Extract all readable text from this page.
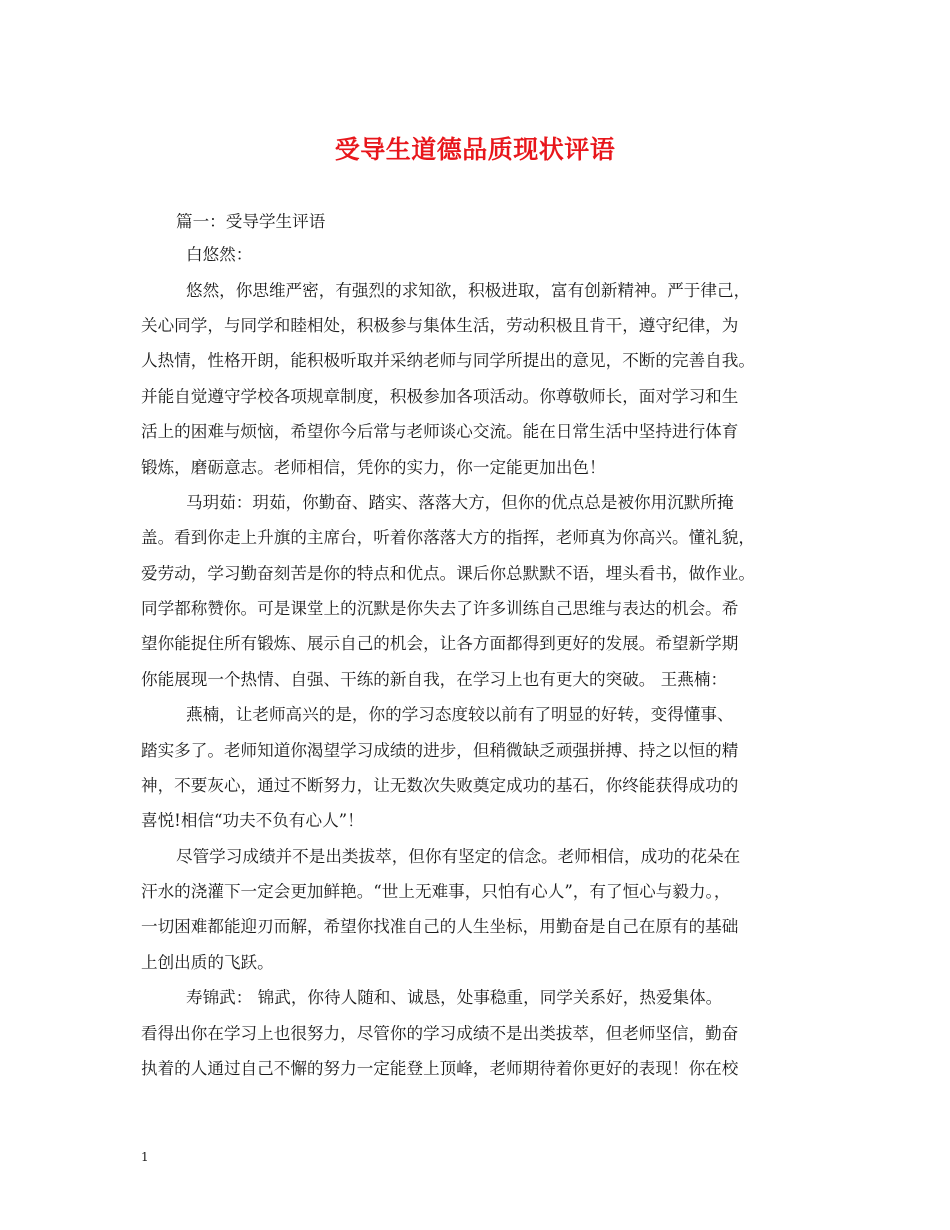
受导生道德品质现状评语

篇一：受导学生评语

白悠然：

悠然，你思维严密，有强烈的求知欲，积极进取，富有创新精神。严于律己，

关心同学，与同学和睦相处，积极参与集体生活，劳动积极且肯干，遵守纪律，为

人热情，性格开朗，能积极听取并采纳老师与同学所提出的意见，不断的完善自我。

并能自觉遵守学校各项规章制度，积极参加各项活动。你尊敬师长，面对学习和生

活上的困难与烦恼，希望你今后常与老师谈心交流。能在日常生活中坚持进行体育

锻炼，磨砺意志。老师相信，凭你的实力，你一定能更加出色！

马玥茹：玥茹，你勤奋、踏实、落落大方，但你的优点总是被你用沉默所掩

盖。看到你走上升旗的主席台，听着你落落大方的指挥，老师真为你高兴。懂礼貌，

爱劳动，学习勤奋刻苦是你的特点和优点。课后你总默默不语，埋头看书，做作业。

同学都称赞你。可是课堂上的沉默是你失去了许多训练自己思维与表达的机会。希

望你能捉住所有锻炼、展示自己的机会，让各方面都得到更好的发展。希望新学期

你能展现一个热情、自强、干练的新自我，在学习上也有更大的突破。 王燕楠：

燕楠，让老师高兴的是，你的学习态度较以前有了明显的好转，变得懂事、

踏实多了。老师知道你渴望学习成绩的进步，但稍微缺乏顽强拼搏、持之以恒的精

神，不要灰心，通过不断努力，让无数次失败奠定成功的基石，你终能获得成功的

喜悦!相信“功夫不负有心人”！

尽管学习成绩并不是出类拔萃，但你有坚定的信念。老师相信，成功的花朵在

汗水的浇灌下一定会更加鲜艳。“世上无难事，只怕有心人”，有了恒心与毅力。，

一切困难都能迎刃而解，希望你找准自己的人生坐标，用勤奋是自己在原有的基础

上创出质的飞跃。

寿锦武： 锦武，你待人随和、诚恳，处事稳重，同学关系好，热爱集体。

看得出你在学习上也很努力，尽管你的学习成绩不是出类拔萃，但老师坚信，勤奋

执着的人通过自己不懈的努力一定能登上顶峰，老师期待着你更好的表现！你在校

1
